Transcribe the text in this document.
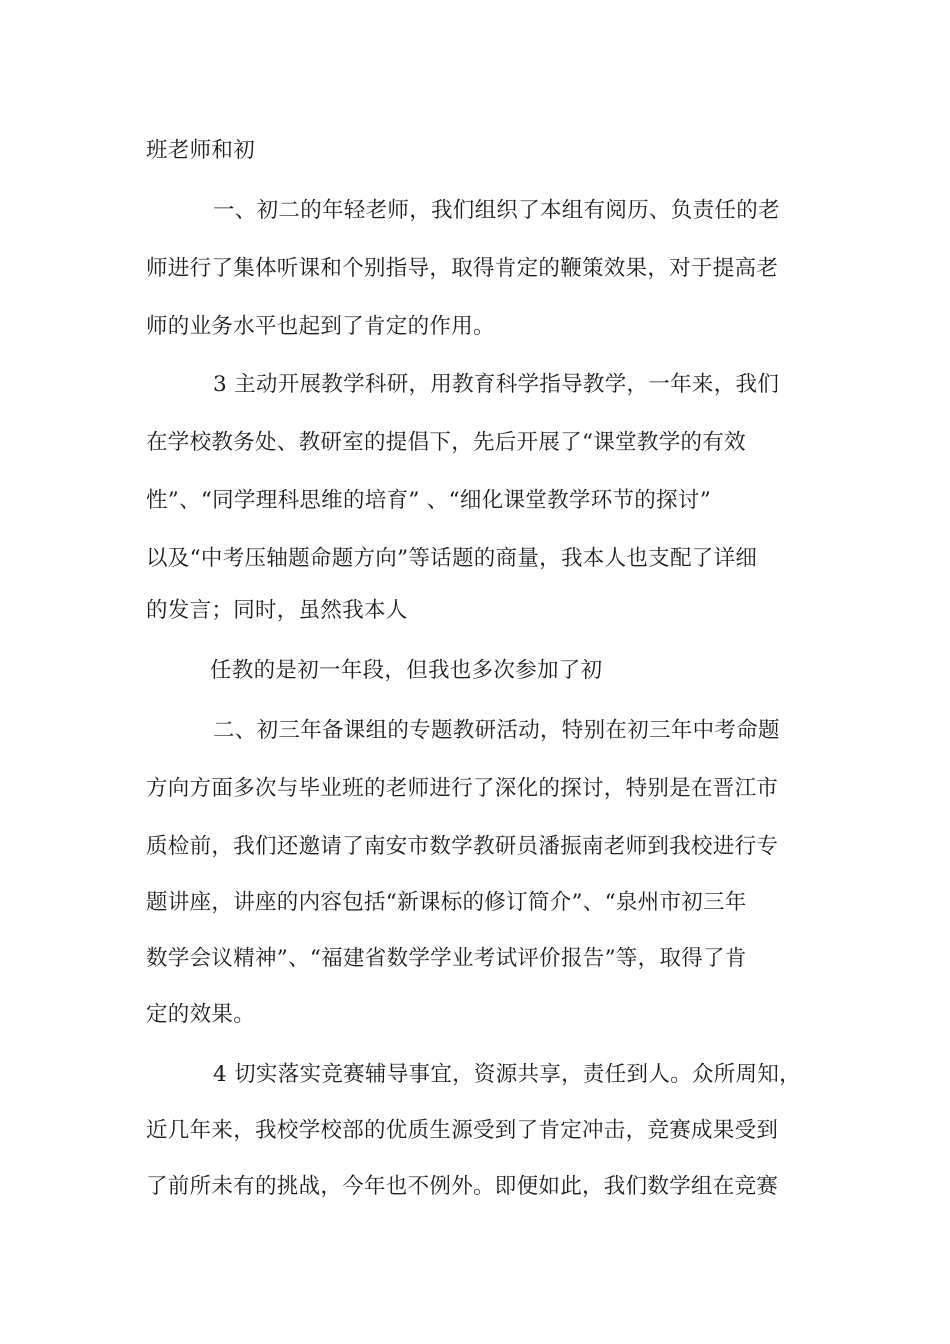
班老师和初

一、初二的年轻老师，我们组织了本组有阅历、负责任的老

师进行了集体听课和个别指导，取得肯定的鞭策效果，对于提高老

师的业务水平也起到了肯定的作用。

3 主动开展教学科研，用教育科学指导教学，一年来，我们

在学校教务处、教研室的提倡下，先后开展了“课堂教学的有效

性”、“同学理科思维的培育” 、“细化课堂教学环节的探讨”

以及“中考压轴题命题方向”等话题的商量，我本人也支配了详细

的发言；同时，虽然我本人

任教的是初一年段，但我也多次参加了初

二、初三年备课组的专题教研活动，特别在初三年中考命题

方向方面多次与毕业班的老师进行了深化的探讨，特别是在晋江市

质检前，我们还邀请了南安市数学教研员潘振南老师到我校进行专

题讲座，讲座的内容包括“新课标的修订简介”、“泉州市初三年

数学会议精神”、“福建省数学学业考试评价报告”等，取得了肯

定的效果。

4 切实落实竞赛辅导事宜，资源共享，责任到人。众所周知，

近几年来，我校学校部的优质生源受到了肯定冲击，竞赛成果受到

了前所未有的挑战，今年也不例外。即便如此，我们数学组在竞赛
